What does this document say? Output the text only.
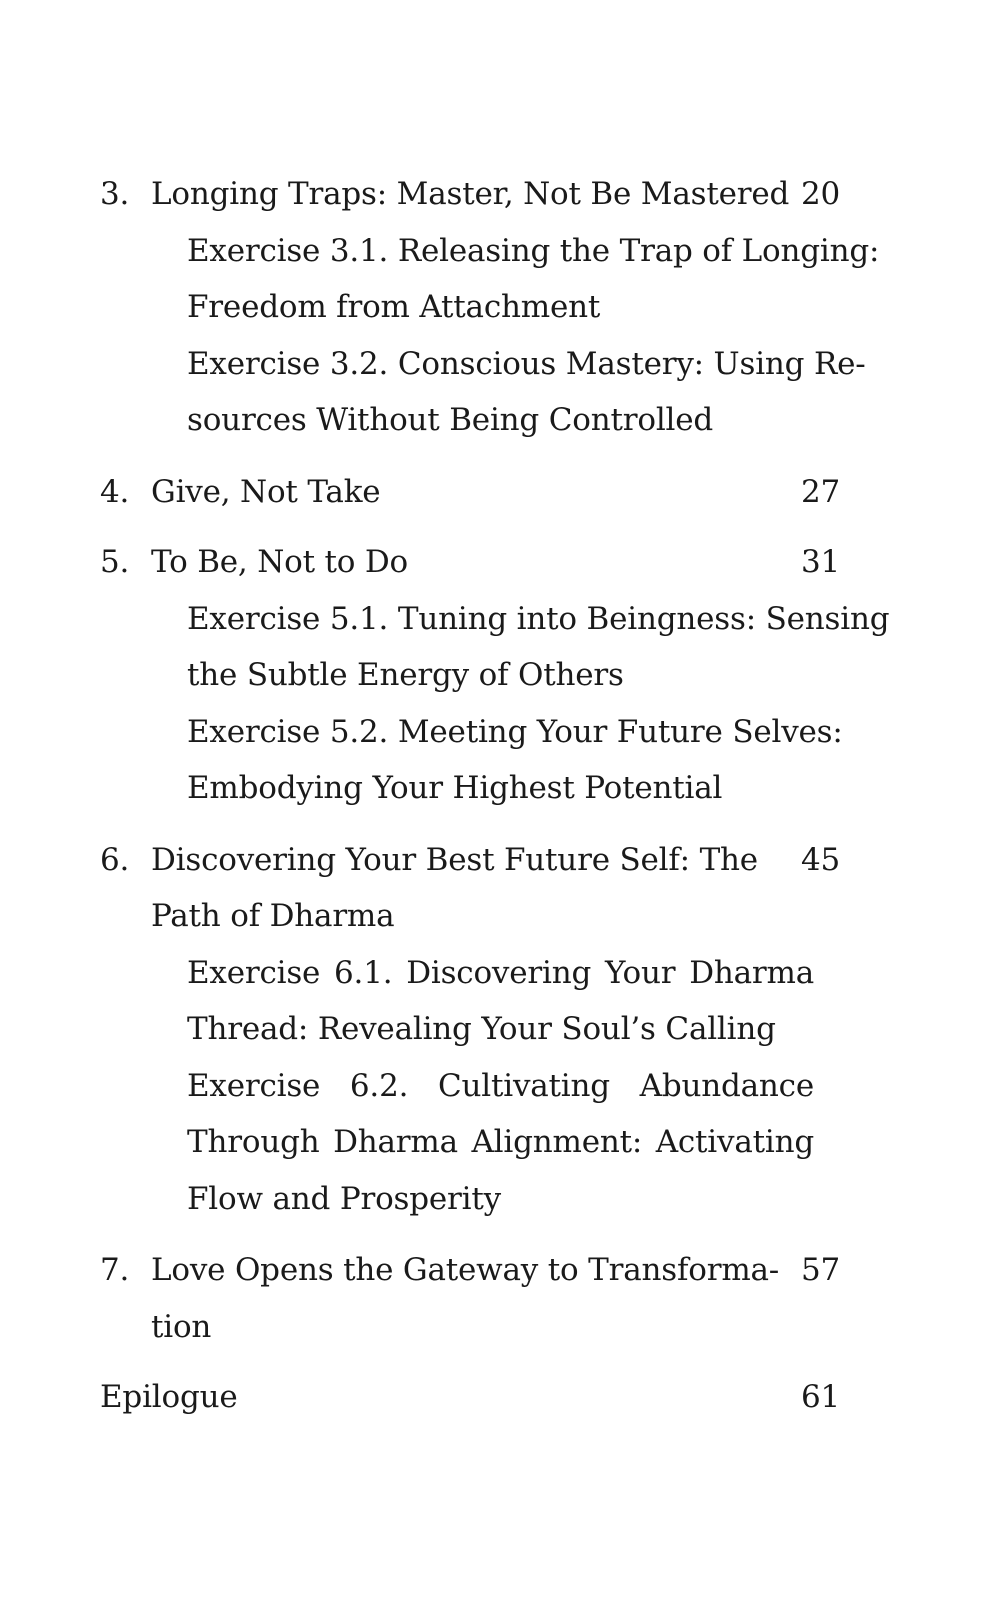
3. Longing Traps: Master, Not Be Mastered 20
Exercise 3.1. Releasing the Trap of Longing:
Freedom from Attachment
Exercise 3.2. Conscious Mastery: Using Re-
sources Without Being Controlled
4. Give, Not Take	27
5. To Be, Not to Do	31
Exercise 5.1. Tuning into Beingness: Sensing
the Subtle Energy of Others
Exercise 5.2. Meeting Your Future Selves:
Embodying Your Highest Potential
6. Discovering Your Best Future Self: The 45
Path of Dharma
Exercise 6.1. Discovering Your Dharma
Thread: Revealing Your Soul’s Calling
Exercise 6.2. Cultivating Abundance
Through Dharma Alignment: Activating
Flow and Prosperity
7. Love Opens the Gateway to Transforma- 57
tion
Epilogue	61
